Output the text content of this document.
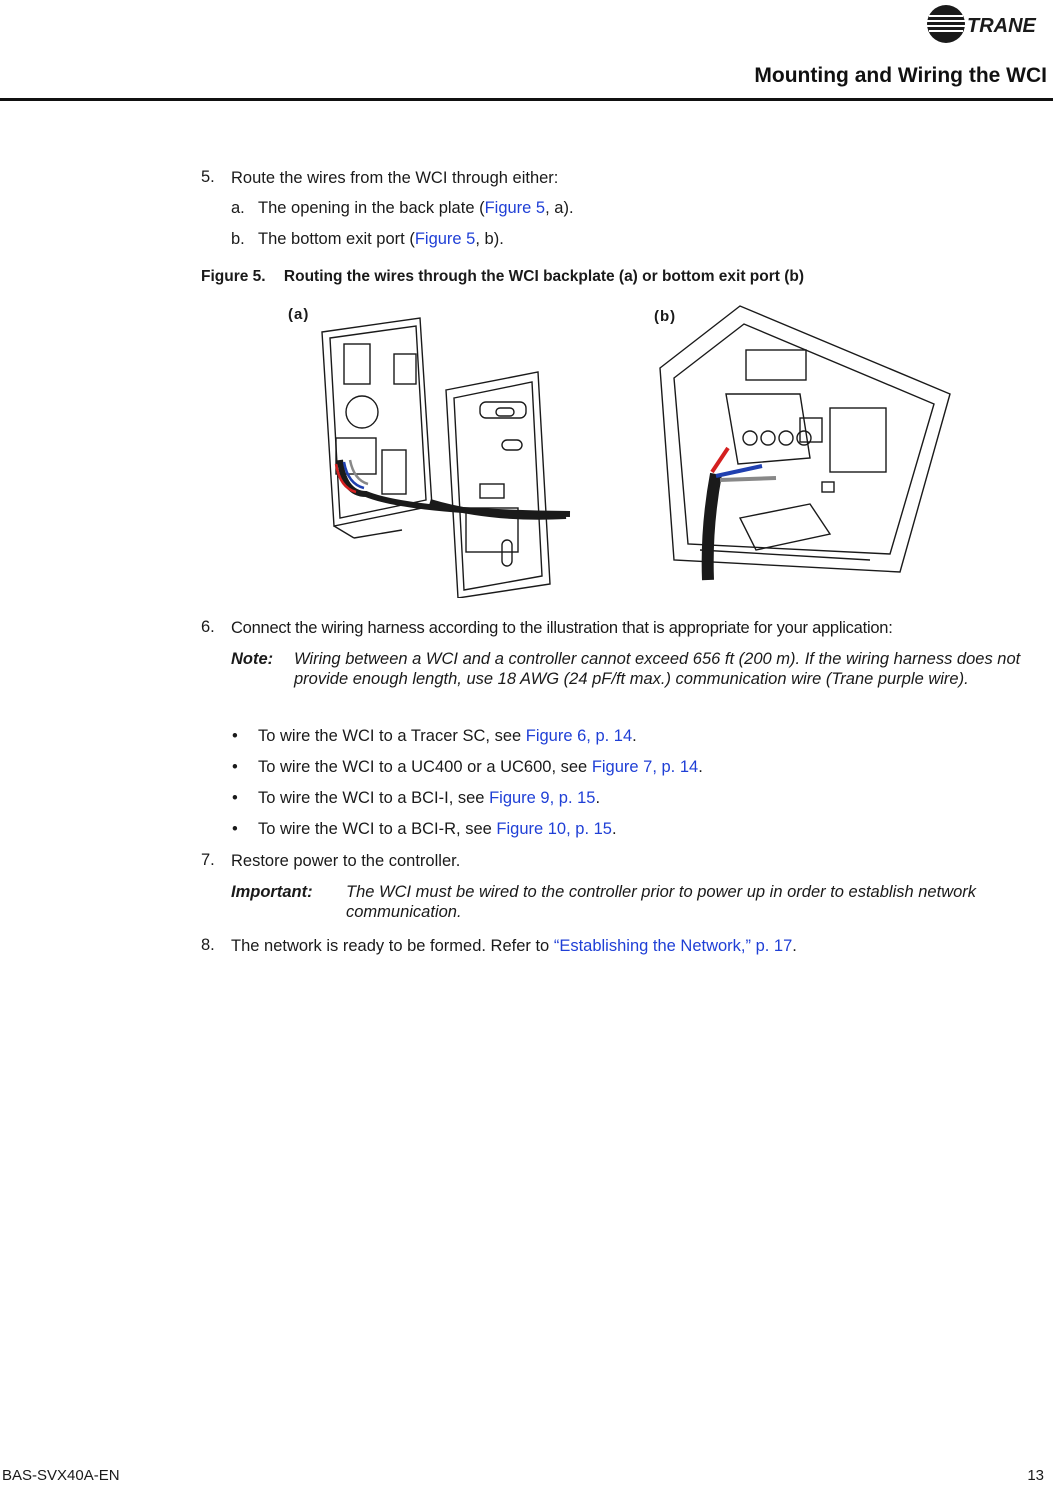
TRANE
Mounting and Wiring the WCI
5. Route the wires from the WCI through either:
a. The opening in the back plate (Figure 5, a).
b. The bottom exit port (Figure 5, b).
Figure 5. Routing the wires through the WCI backplate (a) or bottom exit port (b)
(a)	(b)
6. Connect the wiring harness according to the illustration that is appropriate for your application:
Note: Wiring between a WCI and a controller cannot exceed 656 ft (200 m). If the wiring harness does not provide enough length, use 18 AWG (24 pF/ft max.) communication wire (Trane purple wire).
• To wire the WCI to a Tracer SC, see Figure 6, p. 14.
• To wire the WCI to a UC400 or a UC600, see Figure 7, p. 14.
• To wire the WCI to a BCI-I, see Figure 9, p. 15.
• To wire the WCI to a BCI-R, see Figure 10, p. 15.
7. Restore power to the controller.
Important: The WCI must be wired to the controller prior to power up in order to establish network communication.
8. The network is ready to be formed. Refer to “Establishing the Network,” p. 17.
BAS-SVX40A-EN	13
